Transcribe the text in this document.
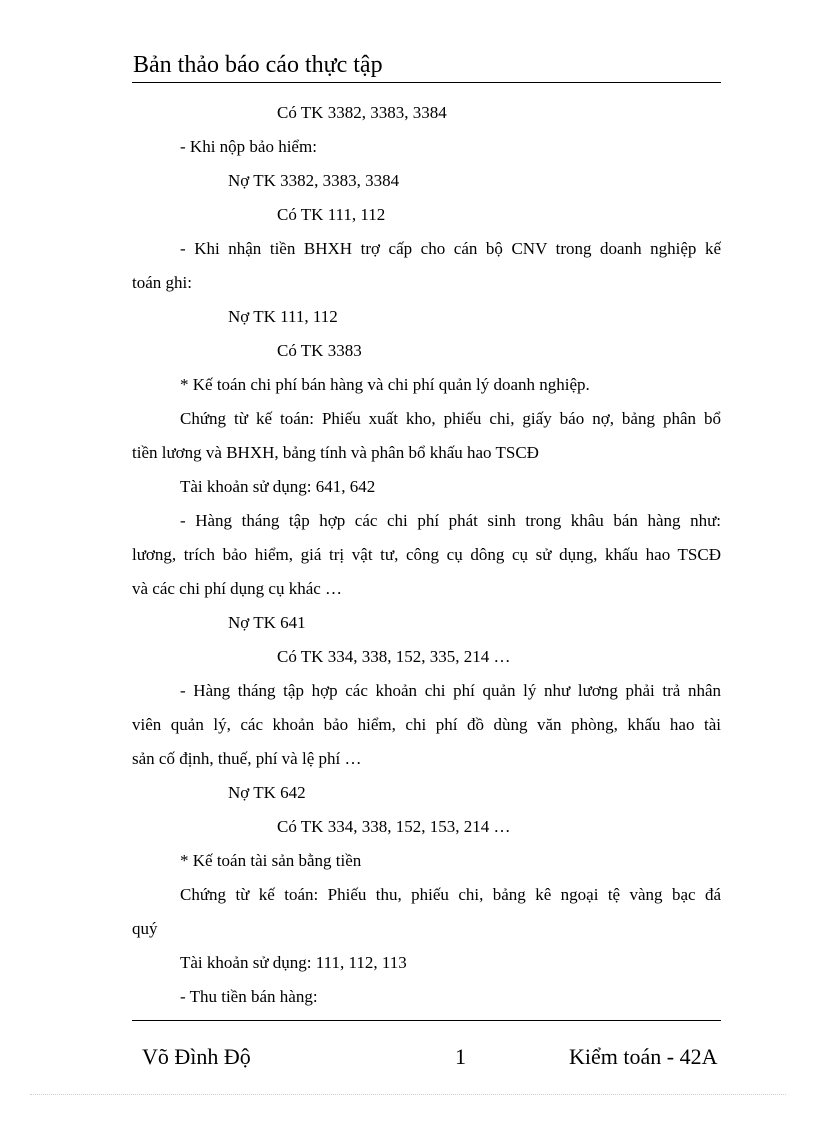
Bản thảo báo cáo thực tập
Có TK 3382, 3383, 3384
- Khi nộp bảo hiểm:
Nợ TK 3382, 3383, 3384
Có TK 111, 112
- Khi nhận tiền BHXH trợ cấp cho cán bộ CNV trong doanh nghiệp kế
toán ghi:
Nợ TK 111, 112
Có TK 3383
* Kế toán chi phí bán hàng và chi phí quản lý doanh nghiệp.
Chứng từ kế toán: Phiếu xuất kho, phiếu chi, giấy báo nợ, bảng phân bổ
tiền lương và BHXH, bảng tính và phân bổ khấu hao TSCĐ
Tài khoản sử dụng: 641, 642
- Hàng tháng tập hợp các chi phí phát sinh trong khâu bán hàng như:
lương, trích bảo hiểm, giá trị vật tư, công cụ dông cụ sử dụng, khấu hao TSCĐ
và các chi phí dụng cụ khác …
Nợ TK 641
Có TK 334, 338, 152, 335, 214 …
- Hàng tháng tập hợp các khoản chi phí quản lý như lương phải trả nhân
viên quản lý, các khoản bảo hiểm, chi phí đồ dùng văn phòng, khấu hao tài
sản cố định, thuế, phí và lệ phí …
Nợ TK 642
Có TK 334, 338, 152, 153, 214 …
* Kế toán tài sản bằng tiền
Chứng từ kế toán: Phiếu thu, phiếu chi, bảng kê ngoại tệ vàng bạc đá
quý
Tài khoản sử dụng: 111, 112, 113
- Thu tiền bán hàng:
Võ Đình Độ	1	Kiểm toán - 42A
